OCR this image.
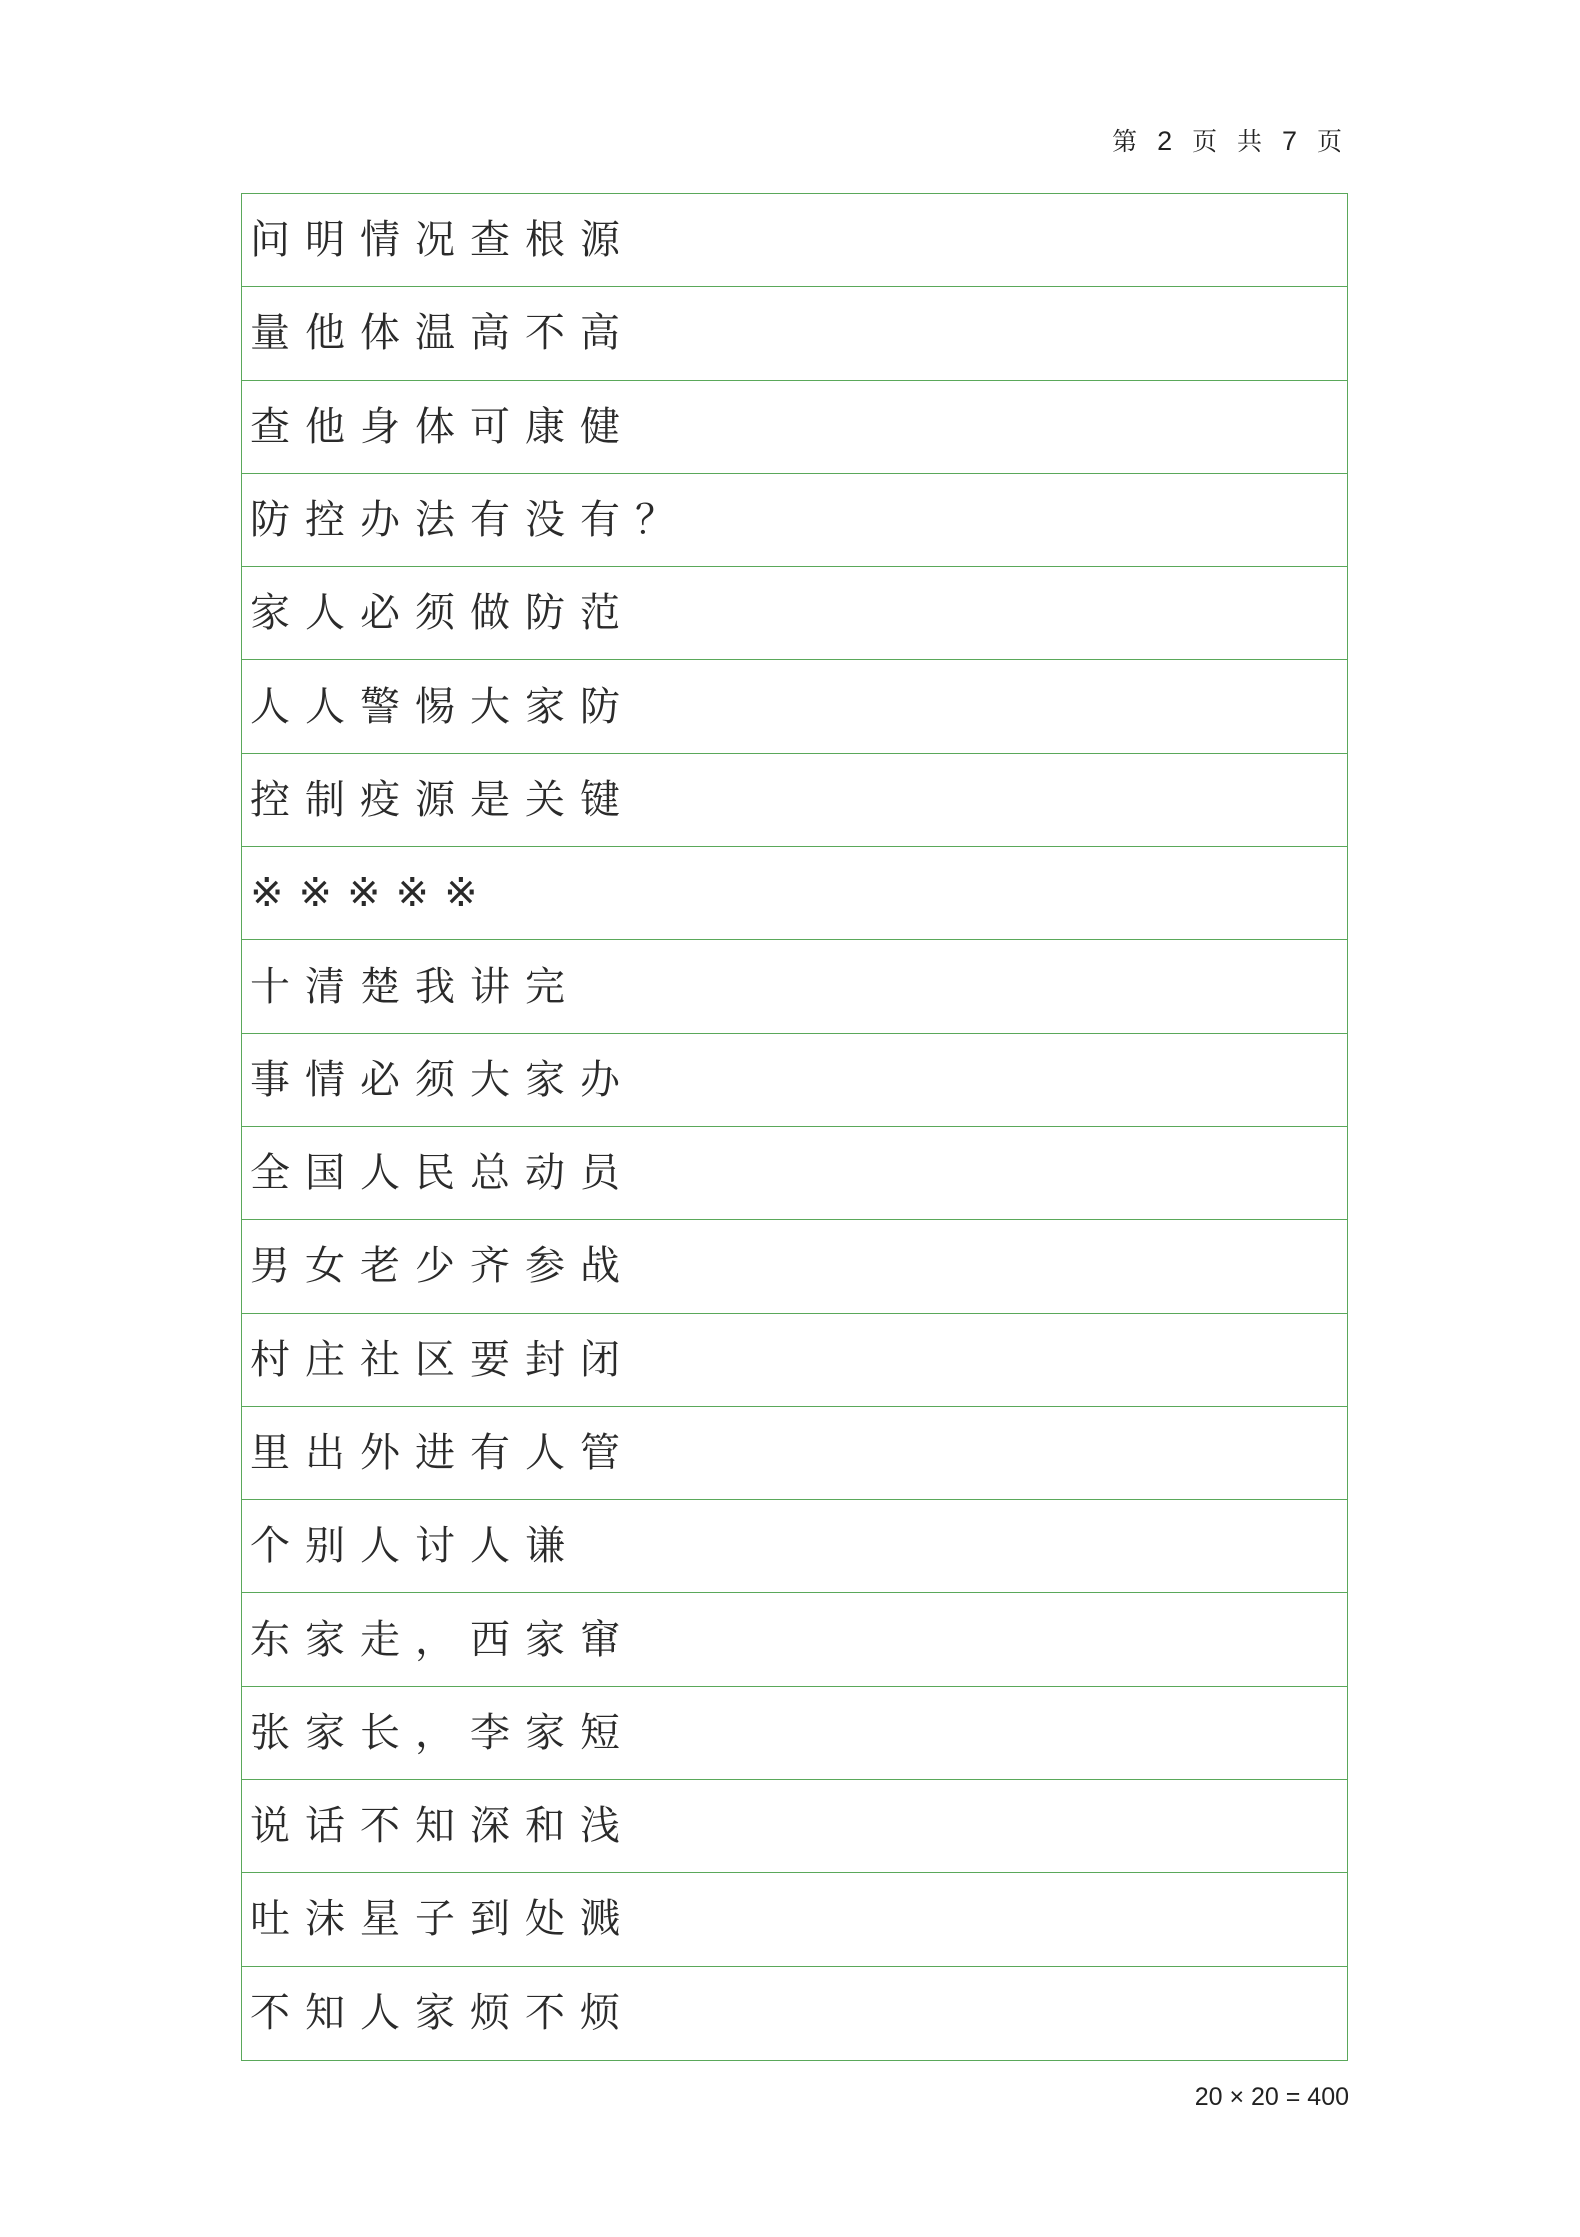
第 2 页 共 7 页
问明情况查根源
量他体温高不高
查他身体可康健
防控办法有没有？
家人必须做防范
人人警惕大家防
控制疫源是关键
※※※※※
十清楚我讲完
事情必须大家办
全国人民总动员
男女老少齐参战
村庄社区要封闭
里出外进有人管
个别人讨人谦
东家走，西家窜
张家长，李家短
说话不知深和浅
吐沫星子到处溅
不知人家烦不烦
20 × 20 = 400
